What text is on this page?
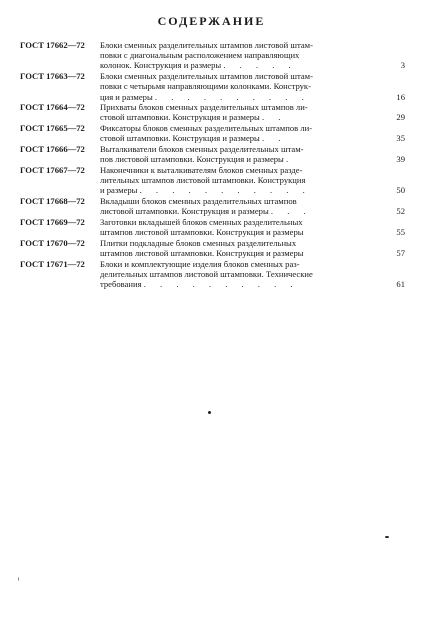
СОДЕРЖАНИЕ
ГОСТ 17662—72	Блоки сменных разделительных штампов листовой штам-
повки с диагональным расположением направляющих
колонок. Конструкция и размеры . . . . .	3
ГОСТ 17663—72	Блоки сменных разделительных штампов листовой штам-
повки с четырьмя направляющими колонками. Конструк-
ция и размеры . . . . . . . . . .	16
ГОСТ 17664—72	Прихваты блоков сменных разделительных штампов ли-
стовой штамповки. Конструкция и размеры . .	29
ГОСТ 17665—72	Фиксаторы блоков сменных разделительных штампов ли-
стовой штамповки. Конструкция и размеры . .	35
ГОСТ 17666—72	Выталкиватели блоков сменных разделительных штам-
пов листовой штамповки. Конструкция и размеры .	39
ГОСТ 17667—72	Наконечники к выталкивателям блоков сменных разде-
лительных штампов листовой штамповки. Конструкция
и размеры . . . . . . . . . . .	50
ГОСТ 17668—72	Вкладыши блоков сменных разделительных штампов
листовой штамповки. Конструкция и размеры . . .	52
ГОСТ 17669—72	Заготовки вкладышей блоков сменных разделительных
штампов листовой штамповки. Конструкция и размеры	55
ГОСТ 17670—72	Плитки подкладные блоков сменных разделительных
штампов листовой штамповки. Конструкция и размеры	57
ГОСТ 17671—72	Блоки и комплектующие изделия блоков сменных раз-
делительных штампов листовой штамповки. Технические
требования . . . . . . . . . .	61
